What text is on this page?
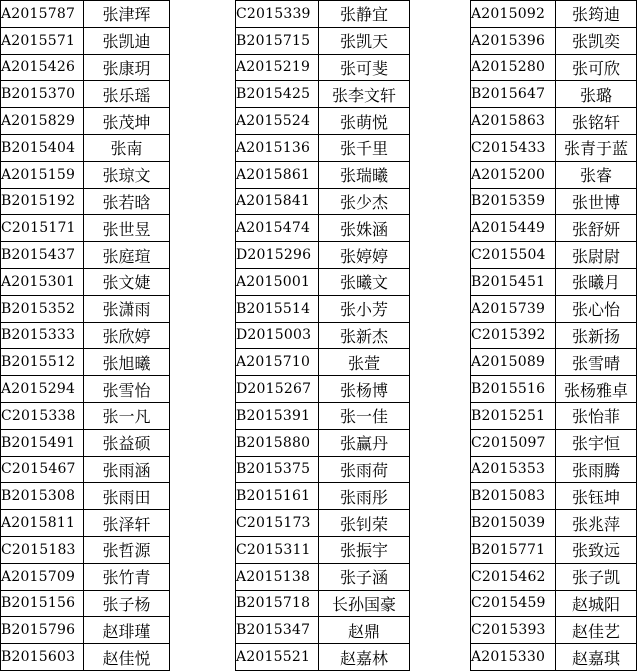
A2015787	张津珲
A2015571	张凯迪
A2015426	张康玥
B2015370	张乐瑶
A2015829	张茂坤
B2015404	张南
A2015159	张琼文
B2015192	张若晗
C2015171	张世昱
B2015437	张庭瑄
A2015301	张文婕
B2015352	张潇雨
B2015333	张欣婷
B2015512	张旭曦
A2015294	张雪怡
C2015338	张一凡
B2015491	张益硕
C2015467	张雨涵
B2015308	张雨田
A2015811	张泽轩
C2015183	张哲源
A2015709	张竹青
B2015156	张子杨
B2015796	赵琲瑾
B2015603	赵佳悦
C2015339	张静宜
B2015715	张凯天
A2015219	张可斐
B2015425	张李文轩
A2015524	张萌悦
A2015136	张千里
A2015861	张瑞曦
A2015841	张少杰
A2015474	张姝涵
D2015296	张婷婷
A2015001	张曦文
B2015514	张小芳
D2015003	张新杰
A2015710	张萱
D2015267	张杨博
B2015391	张一佳
B2015880	张赢丹
B2015375	张雨荷
B2015161	张雨彤
C2015173	张钊荣
C2015311	张振宇
A2015138	张子涵
B2015718	长孙国豪
B2015347	赵鼎
A2015521	赵嘉林
A2015092	张筠迪
A2015396	张凯奕
A2015280	张可欣
B2015647	张璐
A2015863	张铭轩
C2015433	张青于蓝
A2015200	张睿
B2015359	张世博
A2015449	张舒妍
C2015504	张尉尉
B2015451	张曦月
A2015739	张心怡
C2015392	张新扬
A2015089	张雪晴
B2015516	张杨雅卓
B2015251	张怡菲
C2015097	张宇恒
A2015353	张雨腾
B2015083	张钰坤
B2015039	张兆萍
B2015771	张致远
C2015462	张子凯
C2015459	赵城阳
C2015393	赵佳艺
A2015330	赵嘉琪
